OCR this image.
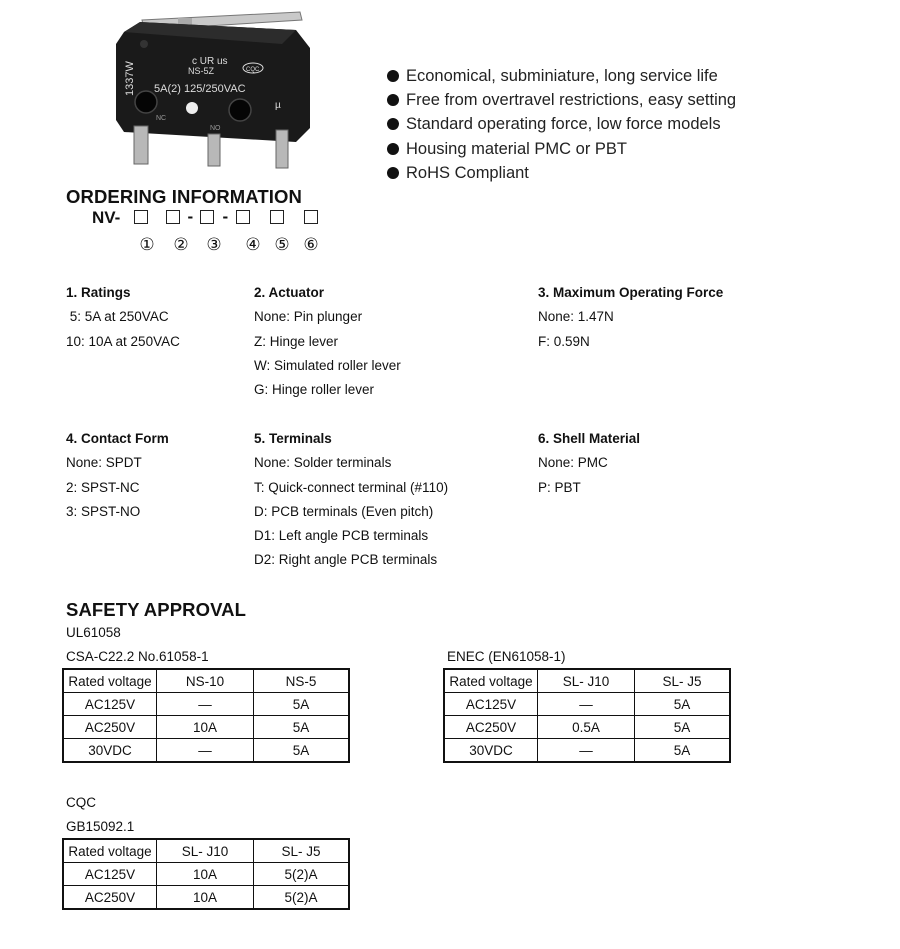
1337W	c UR us
NS-5Z	CQC
5A(2) 125/250VAC
µ
NC
NO
Economical, subminiature, long service life
Free from overtravel restrictions, easy setting
Standard operating force, low force models
Housing material PMC or PBT
RoHS Compliant
ORDERING INFORMATION
NV-	- -
① ② ③ ④ ⑤ ⑥
1. Ratings
5: 5A at 250VAC
10: 10A at 250VAC
2. Actuator
None: Pin plunger
Z: Hinge lever
W: Simulated roller lever
G: Hinge roller lever
3. Maximum Operating Force
None: 1.47N
F: 0.59N
4. Contact Form
None: SPDT
2: SPST-NC
3: SPST-NO
5. Terminals
None: Solder terminals
T: Quick-connect terminal (#110)
D: PCB terminals (Even pitch)
D1: Left angle PCB terminals
D2: Right angle PCB terminals
6. Shell Material
None: PMC
P: PBT
SAFETY APPROVAL
UL61058
CSA-C22.2 No.61058-1	ENEC (EN61058-1)
Rated voltage	NS-10	NS-5
AC125V	—	5A
AC250V	10A	5A
30VDC	—	5A
Rated voltage	SL- J10	SL- J5
AC125V	—	5A
AC250V	0.5A	5A
30VDC	—	5A
CQC
GB15092.1
Rated voltage	SL- J10	SL- J5
AC125V	10A	5(2)A
AC250V	10A	5(2)A
